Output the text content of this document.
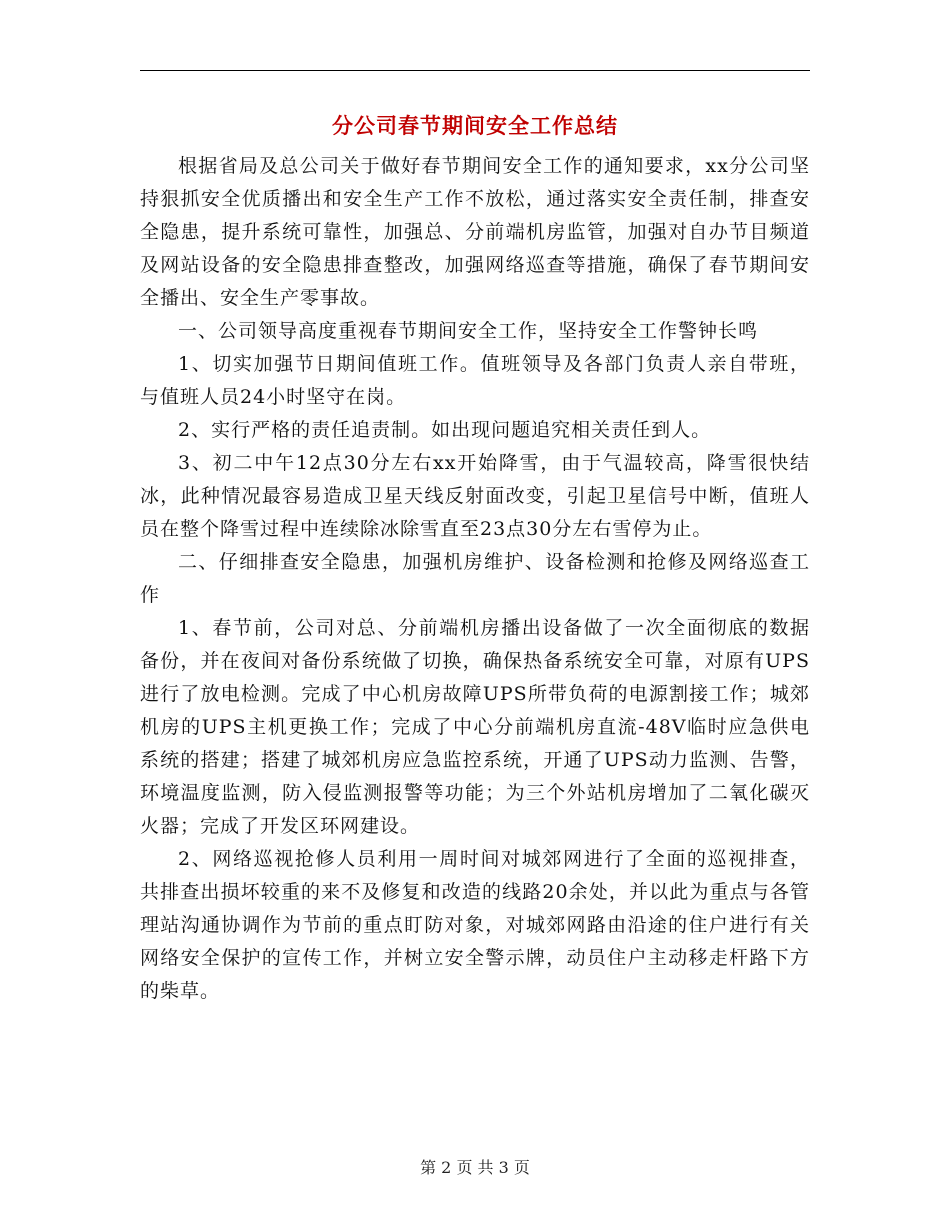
分公司春节期间安全工作总结

根据省局及总公司关于做好春节期间安全工作的通知要求，xx分公司坚持狠抓安全优质播出和安全生产工作不放松，通过落实安全责任制，排查安全隐患，提升系统可靠性，加强总、分前端机房监管，加强对自办节目频道及网站设备的安全隐患排查整改，加强网络巡查等措施，确保了春节期间安全播出、安全生产零事故。

一、公司领导高度重视春节期间安全工作，坚持安全工作警钟长鸣

1、切实加强节日期间值班工作。值班领导及各部门负责人亲自带班，与值班人员24小时坚守在岗。

2、实行严格的责任追责制。如出现问题追究相关责任到人。

3、初二中午12点30分左右xx开始降雪，由于气温较高，降雪很快结冰，此种情况最容易造成卫星天线反射面改变，引起卫星信号中断，值班人员在整个降雪过程中连续除冰除雪直至23点30分左右雪停为止。

二、仔细排查安全隐患，加强机房维护、设备检测和抢修及网络巡查工作

1、春节前，公司对总、分前端机房播出设备做了一次全面彻底的数据备份，并在夜间对备份系统做了切换，确保热备系统安全可靠，对原有UPS进行了放电检测。完成了中心机房故障UPS所带负荷的电源割接工作；城郊机房的UPS主机更换工作；完成了中心分前端机房直流-48V临时应急供电系统的搭建；搭建了城郊机房应急监控系统，开通了UPS动力监测、告警，环境温度监测，防入侵监测报警等功能；为三个外站机房增加了二氧化碳灭火器；完成了开发区环网建设。

2、网络巡视抢修人员利用一周时间对城郊网进行了全面的巡视排查，共排查出损坏较重的来不及修复和改造的线路20余处，并以此为重点与各管理站沟通协调作为节前的重点盯防对象，对城郊网路由沿途的住户进行有关网络安全保护的宣传工作，并树立安全警示牌，动员住户主动移走杆路下方的柴草。

第 2 页 共 3 页
